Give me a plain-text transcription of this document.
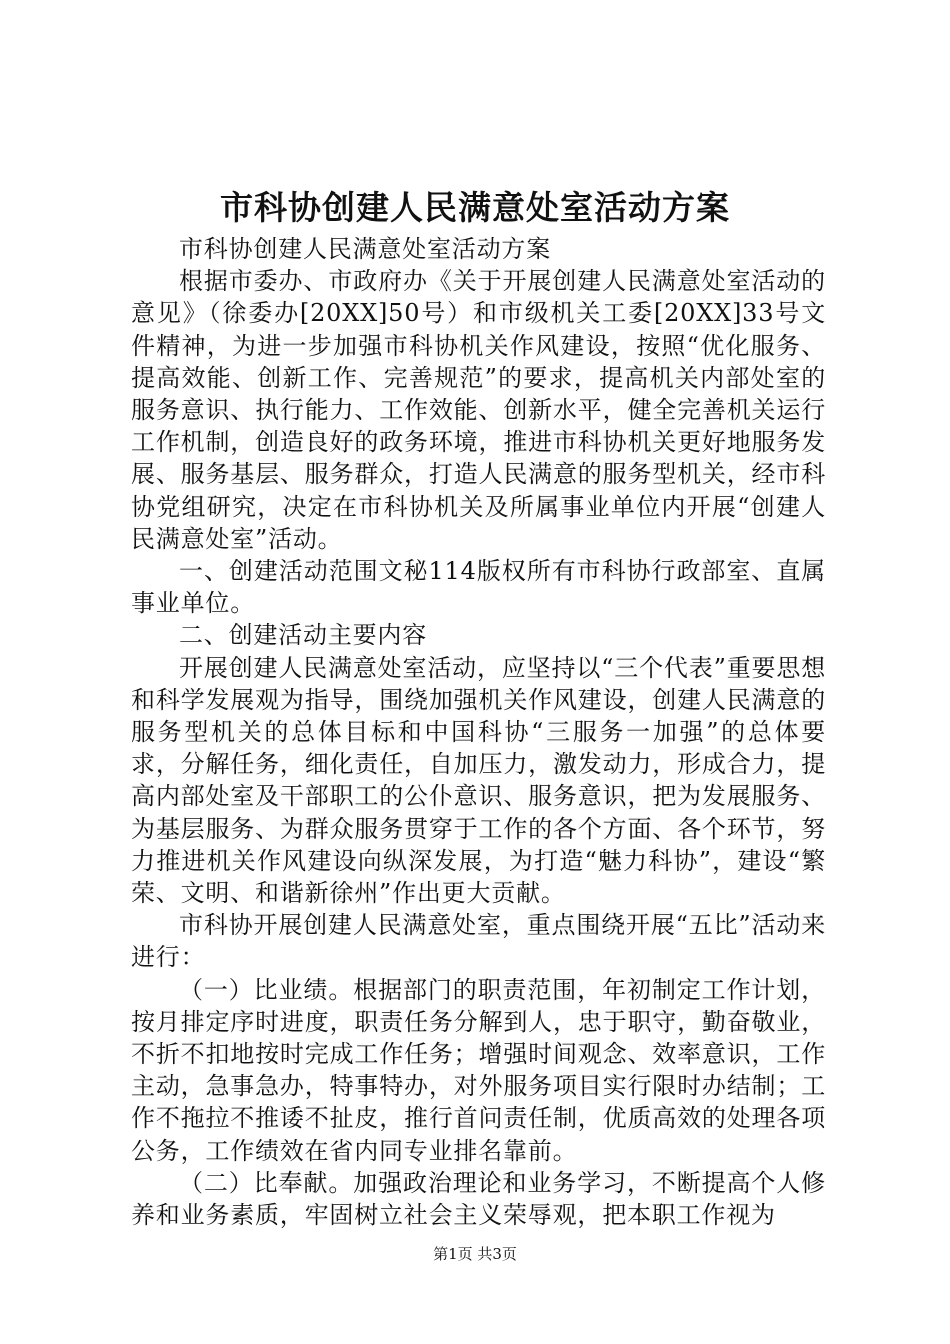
市科协创建人民满意处室活动方案

市科协创建人民满意处室活动方案

根据市委办、市政府办《关于开展创建人民满意处室活动的意见》（徐委办[20XX]50号）和市级机关工委[20XX]33号文件精神，为进一步加强市科协机关作风建设，按照“优化服务、提高效能、创新工作、完善规范”的要求，提高机关内部处室的服务意识、执行能力、工作效能、创新水平，健全完善机关运行工作机制，创造良好的政务环境，推进市科协机关更好地服务发展、服务基层、服务群众，打造人民满意的服务型机关，经市科协党组研究，决定在市科协机关及所属事业单位内开展“创建人民满意处室”活动。

一、创建活动范围文秘114版权所有市科协行政部室、直属事业单位。

二、创建活动主要内容

开展创建人民满意处室活动，应坚持以“三个代表”重要思想和科学发展观为指导，围绕加强机关作风建设，创建人民满意的服务型机关的总体目标和中国科协“三服务一加强”的总体要求，分解任务，细化责任，自加压力，激发动力，形成合力，提高内部处室及干部职工的公仆意识、服务意识，把为发展服务、为基层服务、为群众服务贯穿于工作的各个方面、各个环节，努力推进机关作风建设向纵深发展，为打造“魅力科协”，建设“繁荣、文明、和谐新徐州”作出更大贡献。

市科协开展创建人民满意处室，重点围绕开展“五比”活动来进行：

（一）比业绩。根据部门的职责范围，年初制定工作计划，按月排定序时进度，职责任务分解到人，忠于职守，勤奋敬业，不折不扣地按时完成工作任务；增强时间观念、效率意识，工作主动，急事急办，特事特办，对外服务项目实行限时办结制；工作不拖拉不推诿不扯皮，推行首问责任制，优质高效的处理各项公务，工作绩效在省内同专业排名靠前。

（二）比奉献。加强政治理论和业务学习，不断提高个人修养和业务素质，牢固树立社会主义荣辱观，把本职工作视为

第1页 共3页
